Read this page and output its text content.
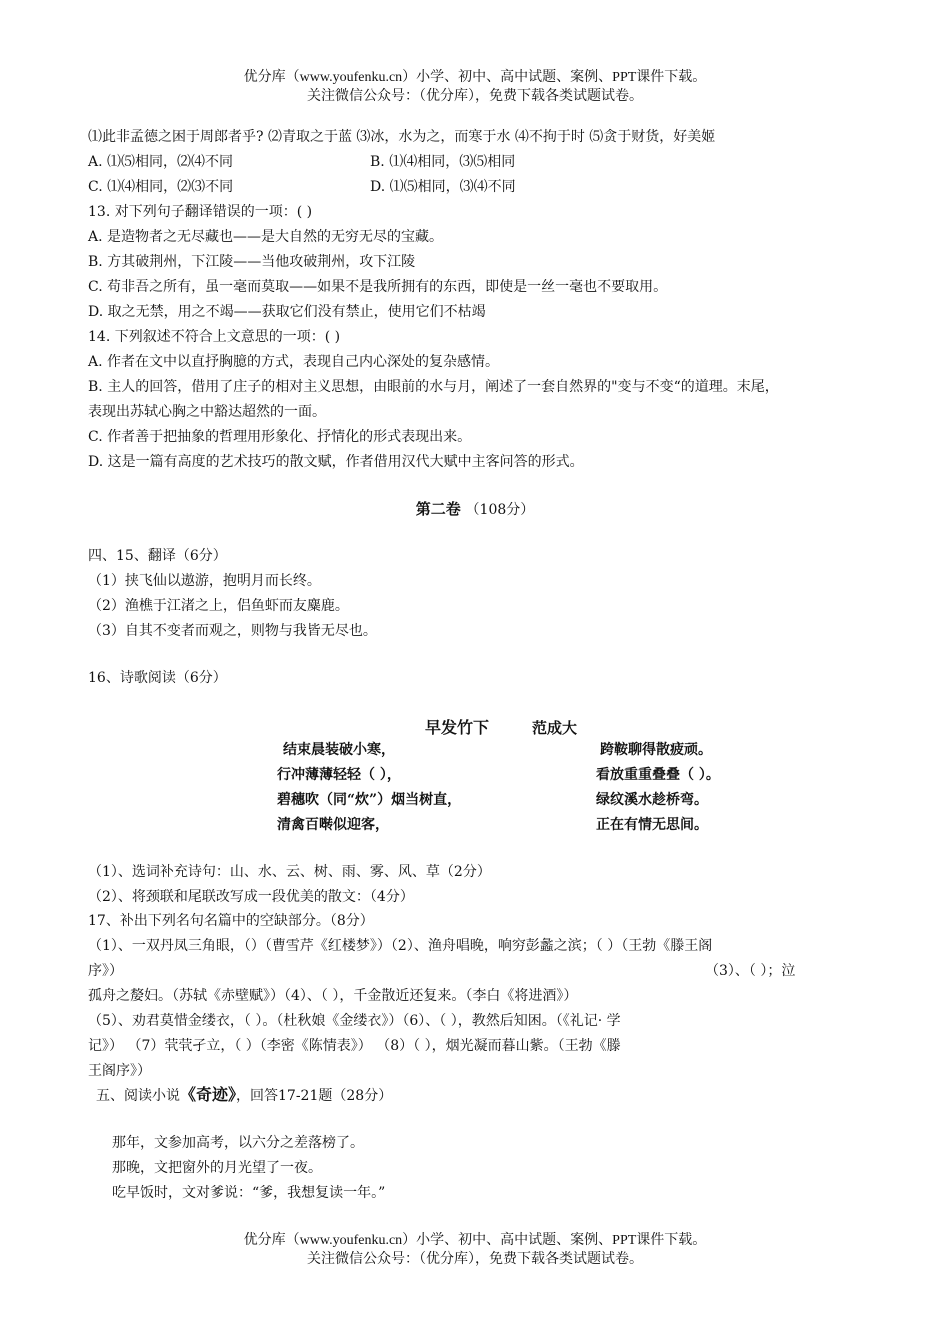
优分库（www.youfenku.cn）小学、初中、高中试题、案例、PPT课件下载。
关注微信公众号：（优分库），免费下载各类试题试卷。
⑴此非孟德之困于周郎者乎? ⑵青取之于蓝 ⑶冰，水为之，而寒于水 ⑷不拘于时 ⑸贪于财货，好美姬
A. ⑴⑸相同，⑵⑷不同	B. ⑴⑷相同，⑶⑸相同
C. ⑴⑷相同，⑵⑶不同	D. ⑴⑸相同，⑶⑷不同
13. 对下列句子翻译错误的一项：( )
A. 是造物者之无尽藏也——是大自然的无穷无尽的宝藏。
B. 方其破荆州，下江陵——当他攻破荆州，攻下江陵
C. 苟非吾之所有，虽一毫而莫取——如果不是我所拥有的东西，即使是一丝一毫也不要取用。
D. 取之无禁，用之不竭——获取它们没有禁止，使用它们不枯竭
14. 下列叙述不符合上文意思的一项：( )
A. 作者在文中以直抒胸臆的方式，表现自己内心深处的复杂感情。
B. 主人的回答，借用了庄子的相对主义思想，由眼前的水与月，阐述了一套自然界的"变与不变“的道理。末尾，
表现出苏轼心胸之中豁达超然的一面。
C. 作者善于把抽象的哲理用形象化、抒情化的形式表现出来。
D. 这是一篇有高度的艺术技巧的散文赋，作者借用汉代大赋中主客问答的形式。
第二卷 （108分）
四、15、翻译（6分）
（1）挟飞仙以遨游，抱明月而长终。
（2）渔樵于江渚之上，侣鱼虾而友麋鹿。
（3）自其不变者而观之，则物与我皆无尽也。
16、诗歌阅读（6分）
早发竹下	范成大
结束晨装破小寒，	跨鞍聊得散疲顽。
行冲薄薄轻轻（ ），	看放重重叠叠（ ）。
碧穗吹（同“炊”）烟当树直，	绿纹溪水趁桥弯。
清禽百啭似迎客，	正在有情无思间。
（1）、选词补充诗句：山、水、云、树、雨、雾、风、草（2分）
（2）、将颈联和尾联改写成一段优美的散文：（4分）
17、补出下列名句名篇中的空缺部分。（8分）
（1）、一双丹凤三角眼，（）（曹雪芹《红楼梦》）（2）、渔舟唱晚，响穷彭蠡之滨；（ ）（王勃《滕王阁
序》）	（3）、（ ）；泣
孤舟之嫠妇。（苏轼《赤壁赋》）（4）、（ ），千金散近还复来。（李白《将进酒》）
（5）、劝君莫惜金缕衣，（ ）。（杜秋娘《金缕衣》）（6）、（ ），教然后知困。（《礼记· 学
记》） （7）茕茕孑立，（ ）（李密《陈情表》） （8）（ ），烟光凝而暮山紫。（王勃《滕
王阁序》）
五、阅读小说《奇迹》，回答17-21题（28分）
那年，文参加高考，以六分之差落榜了。
那晚，文把窗外的月光望了一夜。
吃早饭时，文对爹说：“爹，我想复读一年。”
优分库（www.youfenku.cn）小学、初中、高中试题、案例、PPT课件下载。
关注微信公众号：（优分库），免费下载各类试题试卷。
